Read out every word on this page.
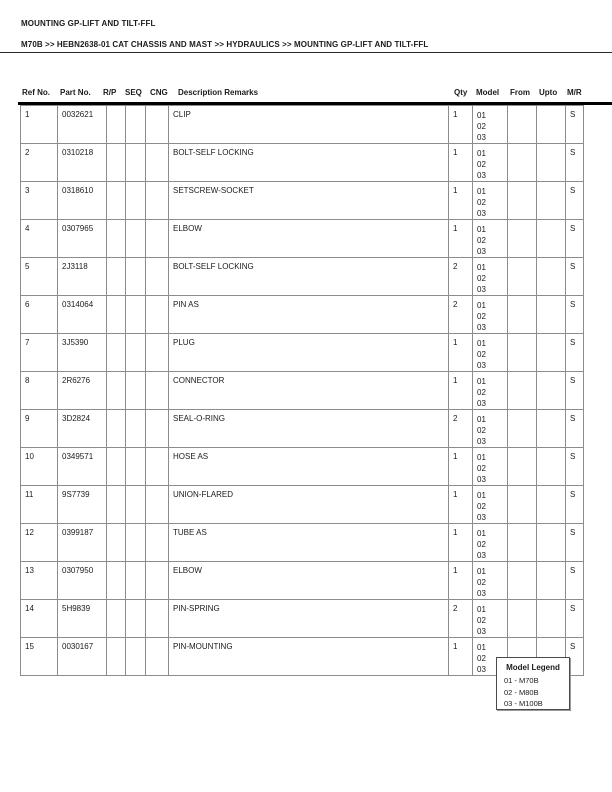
MOUNTING GP-LIFT AND TILT-FFL
M70B >> HEBN2638-01 CAT CHASSIS AND MAST >> HYDRAULICS >> MOUNTING GP-LIFT AND TILT-FFL
Ref No. Part No. R/P SEQ CNG Description Remarks	Qty Model From Upto M/R
1	0032621				CLIP	1	01
02
03			S
2	0310218				BOLT-SELF LOCKING	1	01
02
03			S
3	0318610				SETSCREW-SOCKET	1	01
02
03			S
4	0307965				ELBOW	1	01
02
03			S
5	2J3118				BOLT-SELF LOCKING	2	01
02
03			S
6	0314064				PIN AS	2	01
02
03			S
7	3J5390				PLUG	1	01
02
03			S
8	2R6276				CONNECTOR	1	01
02
03			S
9	3D2824				SEAL-O-RING	2	01
02
03			S
10	0349571				HOSE AS	1	01
02
03			S
11	9S7739				UNION-FLARED	1	01
02
03			S
12	0399187				TUBE AS	1	01
02
03			S
13	0307950				ELBOW	1	01
02
03			S
14	5H9839				PIN-SPRING	2	01
02
03			S
15	0030167				PIN-MOUNTING	1	01
02
03			S
Model Legend
01 - M70B
02 - M80B
03 - M100B
